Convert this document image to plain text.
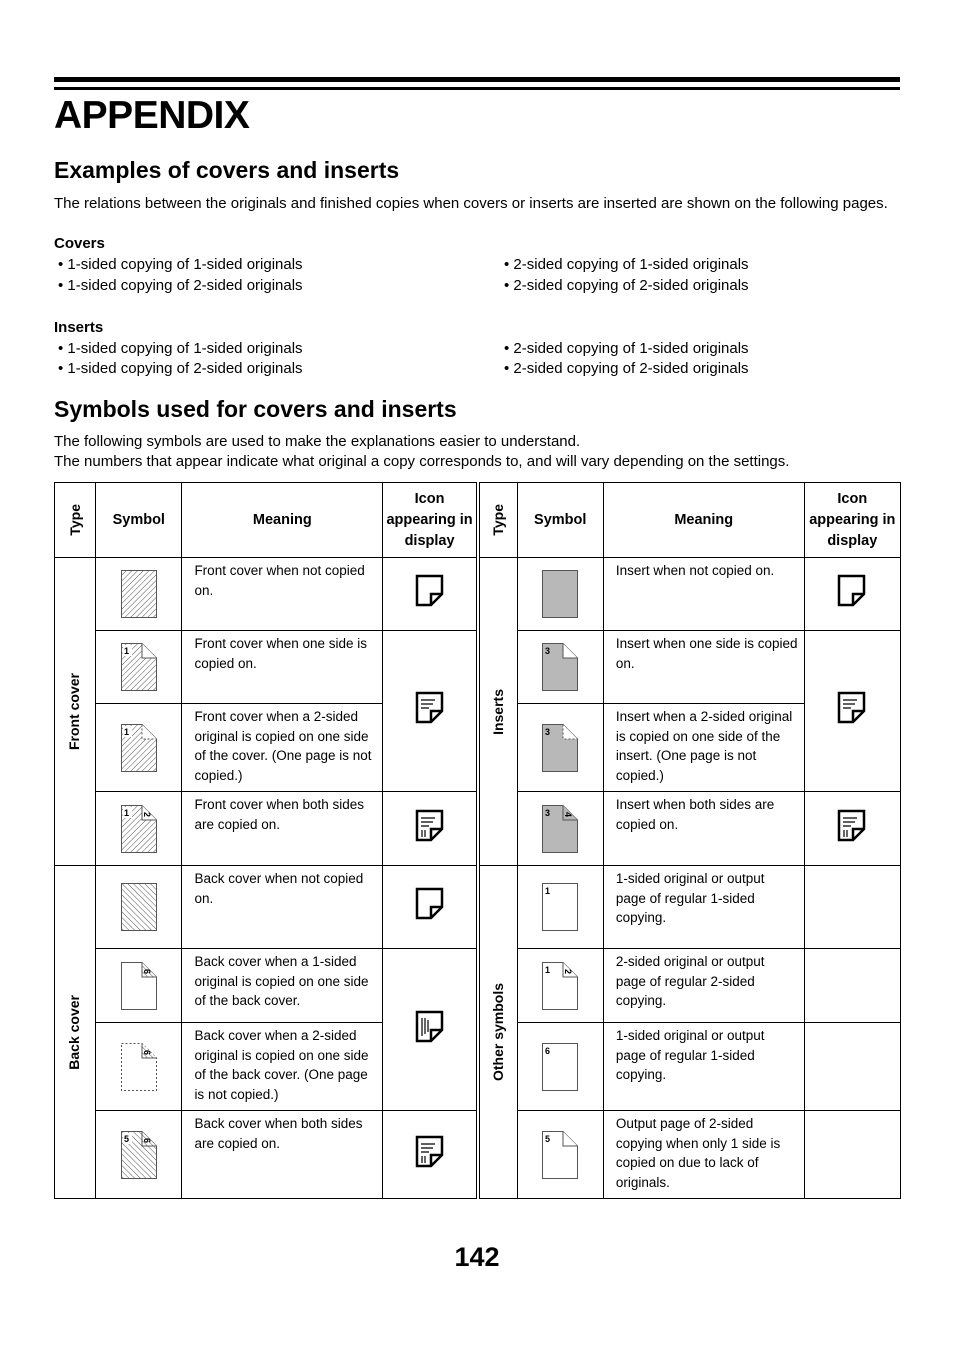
APPENDIX
Examples of covers and inserts

The relations between the originals and finished copies when covers or inserts are inserted are shown on the following pages.

Covers

• 1-sided copying of 1-sided originals

• 1-sided copying of 2-sided originals

• 2-sided copying of 1-sided originals

• 2-sided copying of 2-sided originals

Inserts

• 1-sided copying of 1-sided originals

• 1-sided copying of 2-sided originals

• 2-sided copying of 1-sided originals

• 2-sided copying of 2-sided originals

Symbols used for covers and inserts

The following symbols are used to make the explanations easier to understand.

The numbers that appear indicate what original a copy corresponds to, and will vary depending on the settings.

Type	Symbol	Meaning	Icon appearing in display	Type	Symbol	Meaning	Icon appearing in display

Front cover		Front cover when not copied on.		Inserts		Insert when not copied on.	

1	Front cover when one side is copied on.			3	Insert when one side is copied on.	

1	Front cover when a 2-sided original is copied on one side of the cover. (One page is not copied.)			3	Insert when a 2-sided original is copied on one side of the insert. (One page is not copied.)	

1 2	Front cover when both sides are copied on.			3 4	Insert when both sides are copied on.	

Back cover		Back cover when not copied on.		Other symbols	1	1-sided original or output page of regular 1-sided copying.	

6	Back cover when a 1-sided original is copied on one side of the back cover.			1 2	2-sided original or output page of regular 2-sided copying.	

6	Back cover when a 2-sided original is copied on one side of the back cover. (One page is not copied.)			6	1-sided original or output page of regular 1-sided copying.	

5 6	Back cover when both sides are copied on.			5	Output page of 2-sided copying when only 1 side is copied on due to lack of originals.	
142
